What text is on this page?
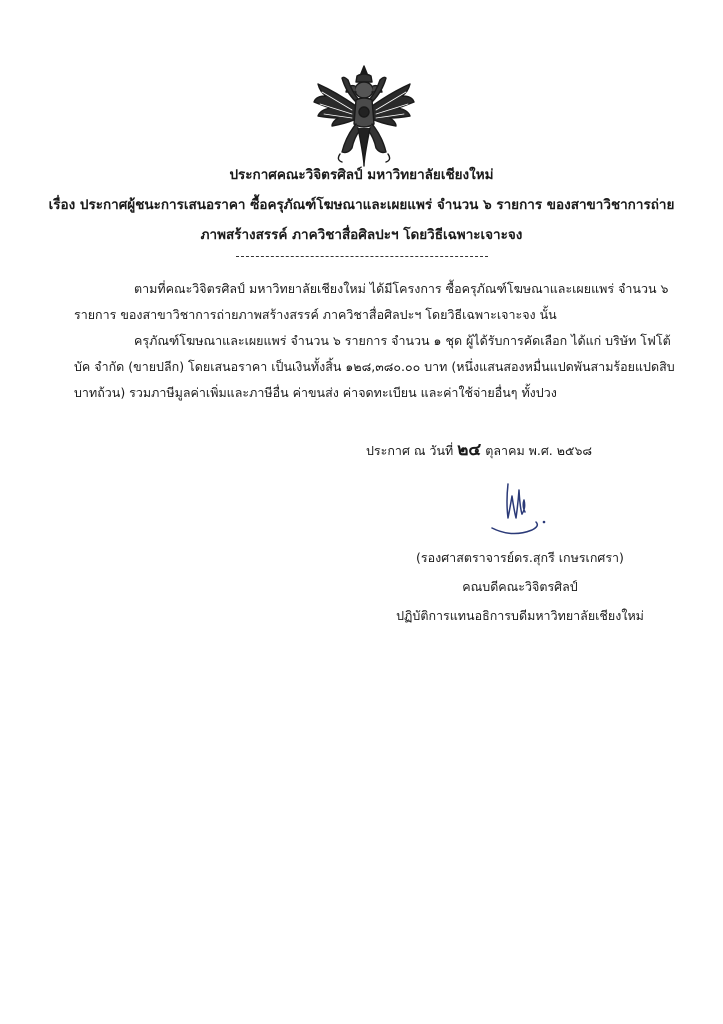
ประกาศคณะวิจิตรศิลป์ มหาวิทยาลัยเชียงใหม่
เรื่อง ประกาศผู้ชนะการเสนอราคา ซื้อครุภัณฑ์โฆษณาและเผยแพร่ จำนวน ๖ รายการ ของสาขาวิชาการถ่าย
ภาพสร้างสรรค์ ภาควิชาสื่อศิลปะฯ โดยวิธีเฉพาะเจาะจง
ตามที่คณะวิจิตรศิลป์ มหาวิทยาลัยเชียงใหม่ ได้มีโครงการ ซื้อครุภัณฑ์โฆษณาและเผยแพร่ จำนวน ๖
รายการ ของสาขาวิชาการถ่ายภาพสร้างสรรค์ ภาควิชาสื่อศิลปะฯ โดยวิธีเฉพาะเจาะจง นั้น
ครุภัณฑ์โฆษณาและเผยแพร่ จำนวน ๖ รายการ จำนวน ๑ ชุด ผู้ได้รับการคัดเลือก ได้แก่ บริษัท โฟโต้
บัค จำกัด (ขายปลีก) โดยเสนอราคา เป็นเงินทั้งสิ้น ๑๒๘,๓๘๐.๐๐ บาท (หนึ่งแสนสองหมื่นแปดพันสามร้อยแปดสิบ
บาทถ้วน) รวมภาษีมูลค่าเพิ่มและภาษีอื่น ค่าขนส่ง ค่าจดทะเบียน และค่าใช้จ่ายอื่นๆ ทั้งปวง
ประกาศ ณ วันที่ ๒๔ ตุลาคม พ.ศ. ๒๕๖๘
(รองศาสตราจารย์ดร.สุกรี เกษรเกศรา)
คณบดีคณะวิจิตรศิลป์
ปฏิบัติการแทนอธิการบดีมหาวิทยาลัยเชียงใหม่
